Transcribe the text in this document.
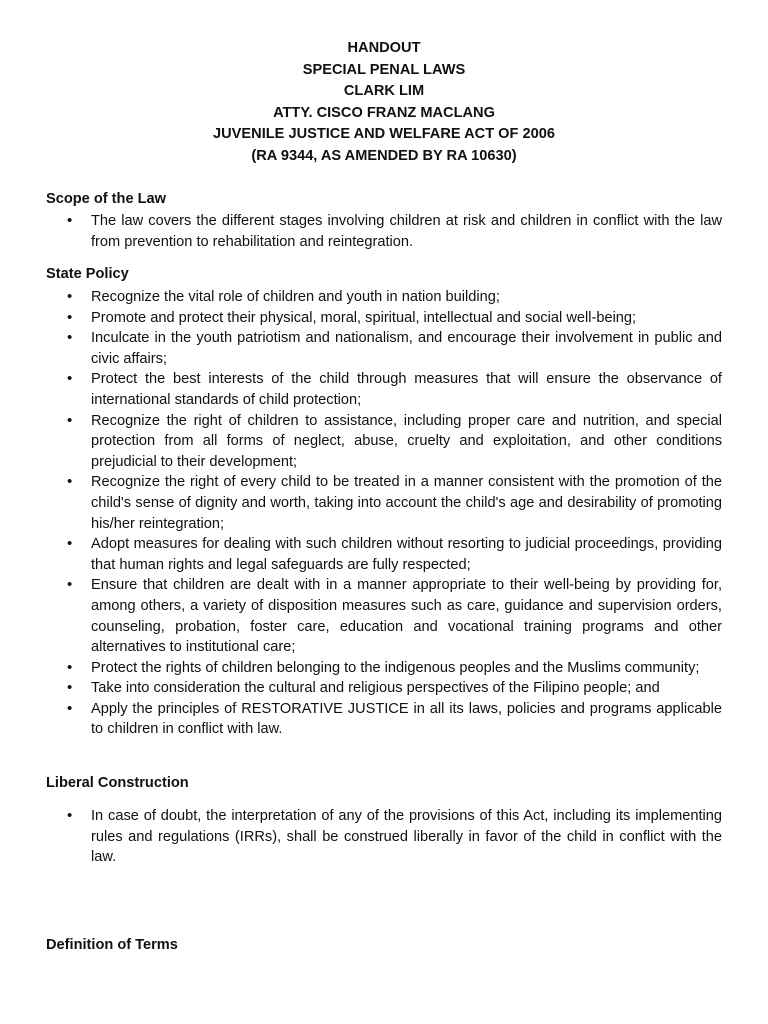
HANDOUT
SPECIAL PENAL LAWS
CLARK LIM
ATTY. CISCO FRANZ MACLANG
JUVENILE JUSTICE AND WELFARE ACT OF 2006
(RA 9344, AS AMENDED BY RA 10630)
Scope of the Law
• The law covers the different stages involving children at risk and children in conflict with the law from prevention to rehabilitation and reintegration.
State Policy
• Recognize the vital role of children and youth in nation building;
• Promote and protect their physical, moral, spiritual, intellectual and social well-being;
• Inculcate in the youth patriotism and nationalism, and encourage their involvement in public and civic affairs;
• Protect the best interests of the child through measures that will ensure the observance of international standards of child protection;
• Recognize the right of children to assistance, including proper care and nutrition, and special protection from all forms of neglect, abuse, cruelty and exploitation, and other conditions prejudicial to their development;
• Recognize the right of every child to be treated in a manner consistent with the promotion of the child's sense of dignity and worth, taking into account the child's age and desirability of promoting his/her reintegration;
• Adopt measures for dealing with such children without resorting to judicial proceedings, providing that human rights and legal safeguards are fully respected;
• Ensure that children are dealt with in a manner appropriate to their well-being by providing for, among others, a variety of disposition measures such as care, guidance and supervision orders, counseling, probation, foster care, education and vocational training programs and other alternatives to institutional care;
• Protect the rights of children belonging to the indigenous peoples and the Muslims community;
• Take into consideration the cultural and religious perspectives of the Filipino people; and
• Apply the principles of RESTORATIVE JUSTICE in all its laws, policies and programs applicable to children in conflict with law.
Liberal Construction
• In case of doubt, the interpretation of any of the provisions of this Act, including its implementing rules and regulations (IRRs), shall be construed liberally in favor of the child in conflict with the law.
Definition of Terms
